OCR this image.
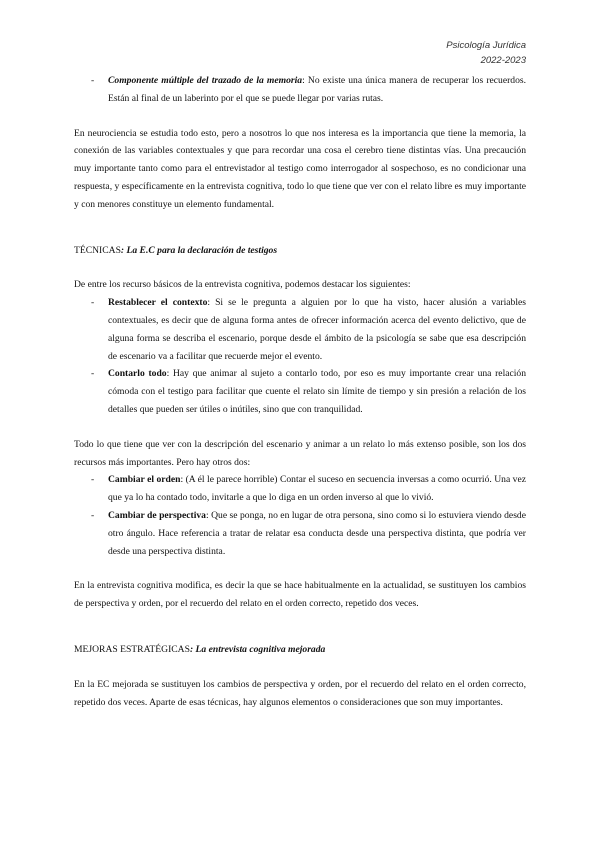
Psicología Jurídica
2022-2023
- Componente múltiple del trazado de la memoria: No existe una única manera de recuperar los recuerdos. Están al final de un laberinto por el que se puede llegar por varias rutas.

En neurociencia se estudia todo esto, pero a nosotros lo que nos interesa es la importancia que tiene la memoria, la conexión de las variables contextuales y que para recordar una cosa el cerebro tiene distintas vías. Una precaución muy importante tanto como para el entrevistador al testigo como interrogador al sospechoso, es no condicionar una respuesta, y específicamente en la entrevista cognitiva, todo lo que tiene que ver con el relato libre es muy importante y con menores constituye un elemento fundamental.

TÉCNICAS: La E.C para la declaración de testigos

De entre los recurso básicos de la entrevista cognitiva, podemos destacar los siguientes:

- Restablecer el contexto: Si se le pregunta a alguien por lo que ha visto, hacer alusión a variables contextuales, es decir que de alguna forma antes de ofrecer información acerca del evento delictivo, que de alguna forma se describa el escenario, porque desde el ámbito de la psicología se sabe que esa descripción de escenario va a facilitar que recuerde mejor el evento.
- Contarlo todo: Hay que animar al sujeto a contarlo todo, por eso es muy importante crear una relación cómoda con el testigo para facilitar que cuente el relato sin límite de tiempo y sin presión a relación de los detalles que pueden ser útiles o inútiles, sino que con tranquilidad.

Todo lo que tiene que ver con la descripción del escenario y animar a un relato lo más extenso posible, son los dos recursos más importantes. Pero hay otros dos:

- Cambiar el orden: (A él le parece horrible) Contar el suceso en secuencia inversas a como ocurrió. Una vez que ya lo ha contado todo, invitarle a que lo diga en un orden inverso al que lo vivió.
- Cambiar de perspectiva: Que se ponga, no en lugar de otra persona, sino como si lo estuviera viendo desde otro ángulo. Hace referencia a tratar de relatar esa conducta desde una perspectiva distinta, que podría ver desde una perspectiva distinta.

En la entrevista cognitiva modifica, es decir la que se hace habitualmente en la actualidad, se sustituyen los cambios de perspectiva y orden, por el recuerdo del relato en el orden correcto, repetido dos veces.

MEJORAS ESTRATÉGICAS: La entrevista cognitiva mejorada

En la EC mejorada se sustituyen los cambios de perspectiva y orden, por el recuerdo del relato en el orden correcto, repetido dos veces. Aparte de esas técnicas, hay algunos elementos o consideraciones que son muy importantes.
